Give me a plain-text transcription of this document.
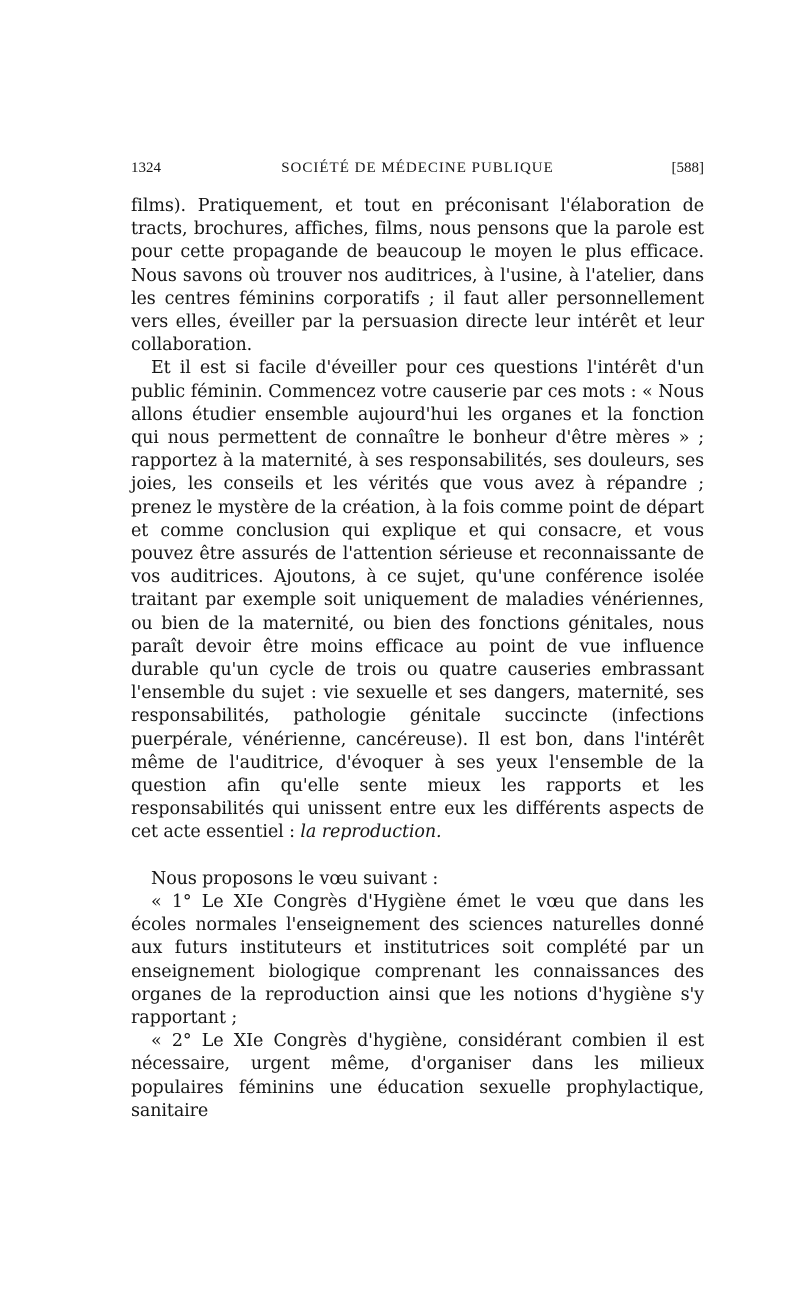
1324	SOCIÉTÉ DE MÉDECINE PUBLIQUE	[588]

films). Pratiquement, et tout en préconisant l'élaboration de tracts, brochures, affiches, films, nous pensons que la parole est pour cette propagande de beaucoup le moyen le plus efficace. Nous savons où trouver nos auditrices, à l'usine, à l'atelier, dans les centres féminins corporatifs ; il faut aller personnellement vers elles, éveiller par la persuasion directe leur intérêt et leur collaboration.

Et il est si facile d'éveiller pour ces questions l'intérêt d'un public féminin. Commencez votre causerie par ces mots : « Nous allons étudier ensemble aujourd'hui les organes et la fonction qui nous permettent de connaître le bonheur d'être mères » ; rapportez à la maternité, à ses responsabilités, ses douleurs, ses joies, les conseils et les vérités que vous avez à répandre ; prenez le mystère de la création, à la fois comme point de départ et comme conclusion qui explique et qui consacre, et vous pouvez être assurés de l'attention sérieuse et reconnaissante de vos auditrices. Ajoutons, à ce sujet, qu'une conférence isolée traitant par exemple soit uniquement de maladies vénériennes, ou bien de la maternité, ou bien des fonctions génitales, nous paraît devoir être moins efficace au point de vue influence durable qu'un cycle de trois ou quatre causeries embrassant l'ensemble du sujet : vie sexuelle et ses dangers, maternité, ses responsabilités, pathologie génitale succincte (infections puerpérale, vénérienne, cancéreuse). Il est bon, dans l'intérêt même de l'auditrice, d'évoquer à ses yeux l'ensemble de la question afin qu'elle sente mieux les rapports et les responsabilités qui unissent entre eux les différents aspects de cet acte essentiel : la reproduction.

Nous proposons le vœu suivant :

« 1° Le XIe Congrès d'Hygiène émet le vœu que dans les écoles normales l'enseignement des sciences naturelles donné aux futurs instituteurs et institutrices soit complété par un enseignement biologique comprenant les connaissances des organes de la reproduction ainsi que les notions d'hygiène s'y rapportant ;

« 2° Le XIe Congrès d'hygiène, considérant combien il est nécessaire, urgent même, d'organiser dans les milieux populaires féminins une éducation sexuelle prophylactique, sanitaire
